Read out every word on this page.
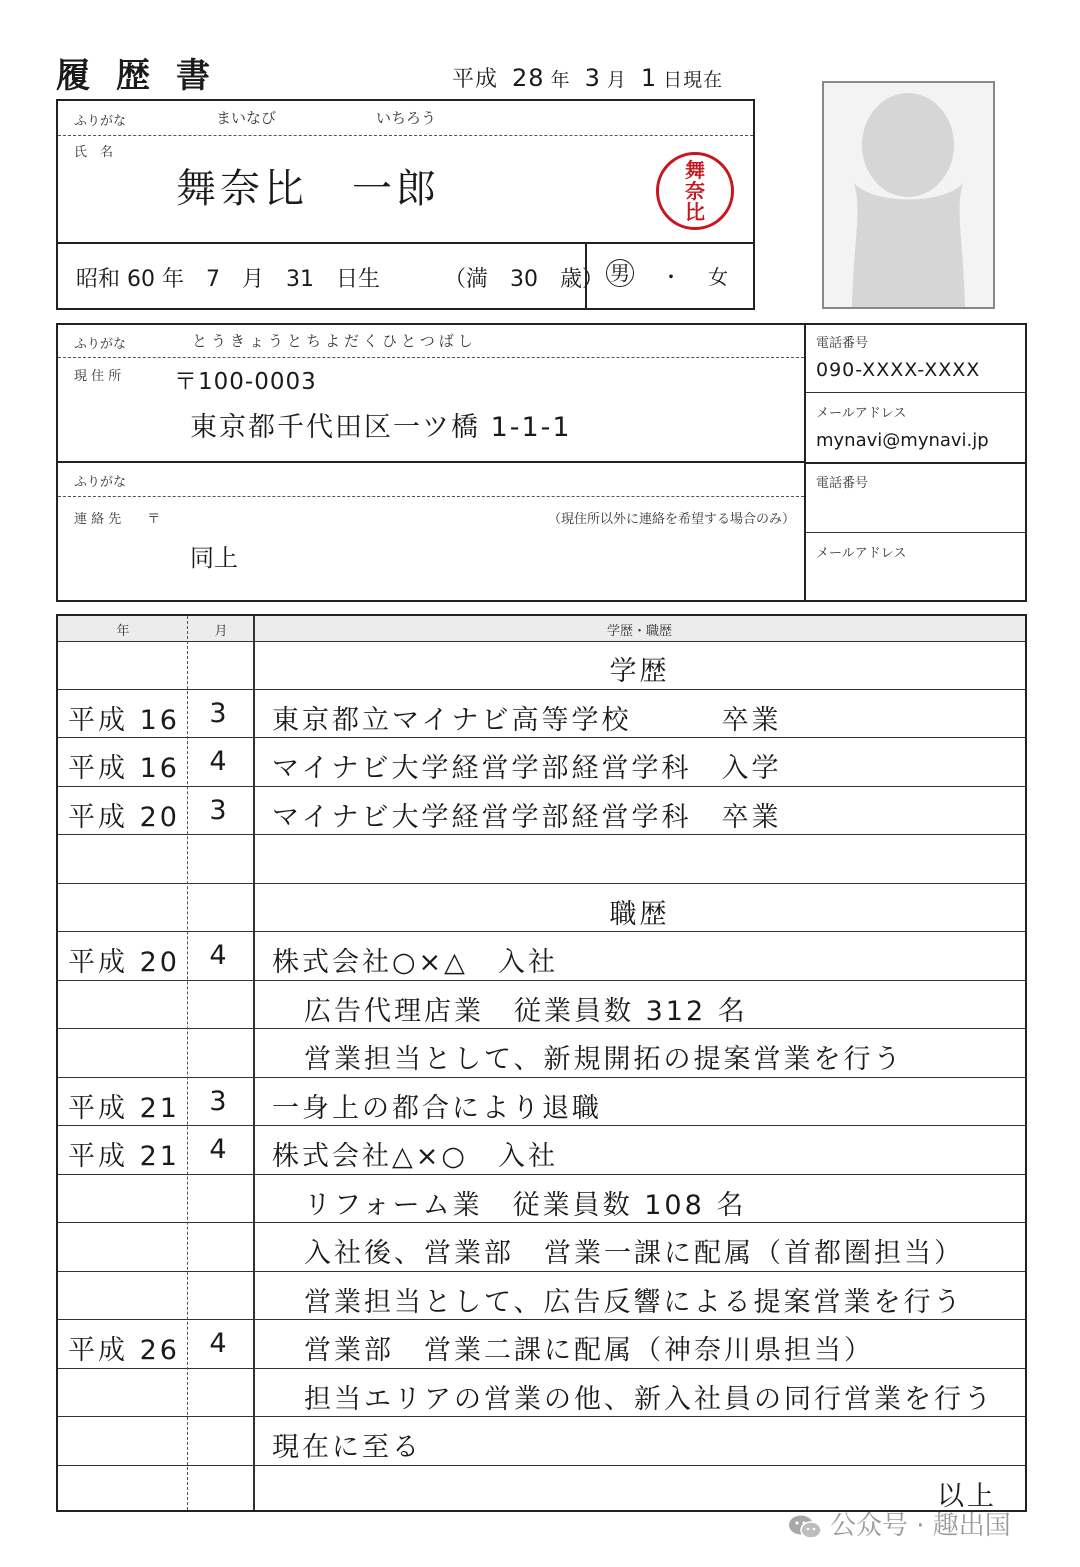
履 歴 書	平成 28 年 3 月 1 日現在
ふりがな	まいなび	いちろう
氏　名
舞奈比　一郎	舞
奈
比
昭和 60 年　7　月　31　日生	（満　30　歳） 男 ・ 女
ふりがな	とうきょうとちよだくひとつばし
現 住 所 〒100-0003
東京都千代田区一ツ橋 1-1-1
ふりがな
連 絡 先　　〒	（現住所以外に連絡を希望する場合のみ）
同上
電話番号
090-XXXX-XXXX
メールアドレス
mynavi@mynavi.jp
電話番号
メールアドレス
年	月	学歴・職歴
学歴
平成 16	3	東京都立マイナビ高等学校　　　卒業
平成 16	4	マイナビ大学経営学部経営学科　入学
平成 20	3	マイナビ大学経営学部経営学科　卒業
職歴
平成 20	4	株式会社○×△　入社
広告代理店業　従業員数 312 名
営業担当として、新規開拓の提案営業を行う
平成 21	3	一身上の都合により退職
平成 21	4	株式会社△×○　入社
リフォーム業　従業員数 108 名
入社後、営業部　営業一課に配属（首都圏担当）
営業担当として、広告反響による提案営業を行う
平成 26	4	営業部　営業二課に配属（神奈川県担当）
担当エリアの営業の他、新入社員の同行営業を行う
現在に至る
以上
公众号 · 趣出国
